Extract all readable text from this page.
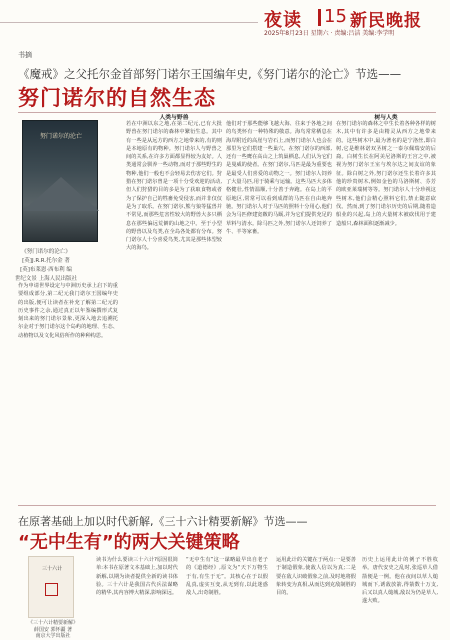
夜读 15 新民晚报
2025年8月23日 星期六 · 责编:吕洁 美编:李学明
书摘
《魔戒》之父托尔金首部努门诺尔王国编年史,《努门诺尔的沦亡》节选——
努门诺尔的自然生态
努门诺尔的沦亡
《努门诺尔的沦亡》
[英]J.R.R.托尔金 著
[英]布莱恩·西布利 编
世纪文景 上海人民出版社
作为申请世界设定与中洲历史承上启下的重要组成部分,第二纪元我门诺尔王国编年史的出版,便可让读者在补充了解第二纪元的历史事件之余,通过真正以年鉴编撰形式复刻出来的努门诺尔景象,更深入地去追溯托尔金对于努门诺尔这个岛屿的地理、生态、动植物以及文化风俗所作的种种构思。
人类与野兽
若在中洲以东之地,在第二纪元,已有大批野兽在努门诺尔的森林中繁衍生息。其中有一些是从远方的西方之地带来的,有的则是本地原有的物种。努门诺尔人与野兽之间的关系,在许多方面都显得较为友好。人类通常会驯养一些动物,而对于那些野生的物种,他们一般也不会轻易去伤害它们。狩猎在努门诺尔曾是一项十分受欢迎的活动,但人们狩猎的目的多是为了获取食物或者为了保护自己的牲畜免受侵害,而并非仅仅是为了取乐。在努门诺尔,熊与狼等猛兽并不常见,而那些危害性较大的野兽大多只栖息在那些偏远荒僻的山地之中。至于小型的野兽以及鸟类,在全岛各处都有分布。努门诺尔人十分喜爱鸟类,尤其是那些体型较大的海鸟。
他们对于那些能够飞越大海、往来于各地之间的鸟类怀有一种特殊的敬意。海鸟常常栖息在海岸附近的高崖与岩石上,而努门诺尔人也会在那里为它们搭建一些巢穴。在努门诺尔的西部,还有一些鹰在高山之上筑巢栖息,人们认为它们是曼威的使者。在努门诺尔,马匹是最为重要也是最受人们喜爱的动物之一。努门诺尔人饲养了大量马匹,用于骑乘与运输。这些马匹大多体格健壮,性情温顺,十分善于奔跑。在岛上的平原地区,常常可以看到成群的马匹在自由地奔驰。努门诺尔人对于马匹的照料十分用心,他们会为马匹修建宽敞的马厩,并为它们提供充足的草料与清水。除马匹之外,努门诺尔人还饲养了牛、羊等家畜。
树与人类
在努门诺尔的森林之中生长着各种各样的树木,其中有许多是由精灵从西方之地带来的。这些树木中,最为著名的是宁洛丝,即白树,它是维林诺双圣树之一泰尔佩瑞安的后裔。白树生长在阿美尼洛斯的王宫之中,被视为努门诺尔王室与埃尔达之间友谊的象征。除白树之外,努门诺尔还生长着许多其他的珍贵树木,例如金色的马洛斯树、芬芳的欧亚莱瑞树等等。努门诺尔人十分珍视这些树木,他们会精心照料它们,禁止随意砍伐。然而,到了努门诺尔历史的后期,随着造船业的兴起,岛上的大量树木被砍伐用于建造船只,森林面积逐渐减少。
在原著基础上加以时代新解,《三十六计精要新解》节选——
“无中生有”的两大关键策略
三十六计
《三十六计精要新解》
薛国安 郭怀疆 著
南京大学出版社
读书为什么要读三十六计?原因很简单:本书在原著文本基础上,加以时代新解,以期为读者提供全新的读书体验。三十六计是我国古代兵法谋略的精华,其内容博大精深,影响深远。
“无中生有”这一谋略最早出自老子的《道德经》,原文为“天下万物生于有,有生于无”。其核心在于以假乱真,虚实互变,从无到有,以此迷惑敌人,出奇制胜。
运用此计的关键在于两点:一是要善于制造假象,使敌人信以为真;二是要在敌人识破假象之前,及时地将假象转变为真相,从而达到克敌制胜的目的。
历史上运用此计的例子不胜枚举。唐代安史之乱时,张巡草人借箭便是一例。他在夜间以草人缒城而下,诱敌放箭,得箭数十万支,后又以真人缒城,敌以为仍是草人,遂大败。
